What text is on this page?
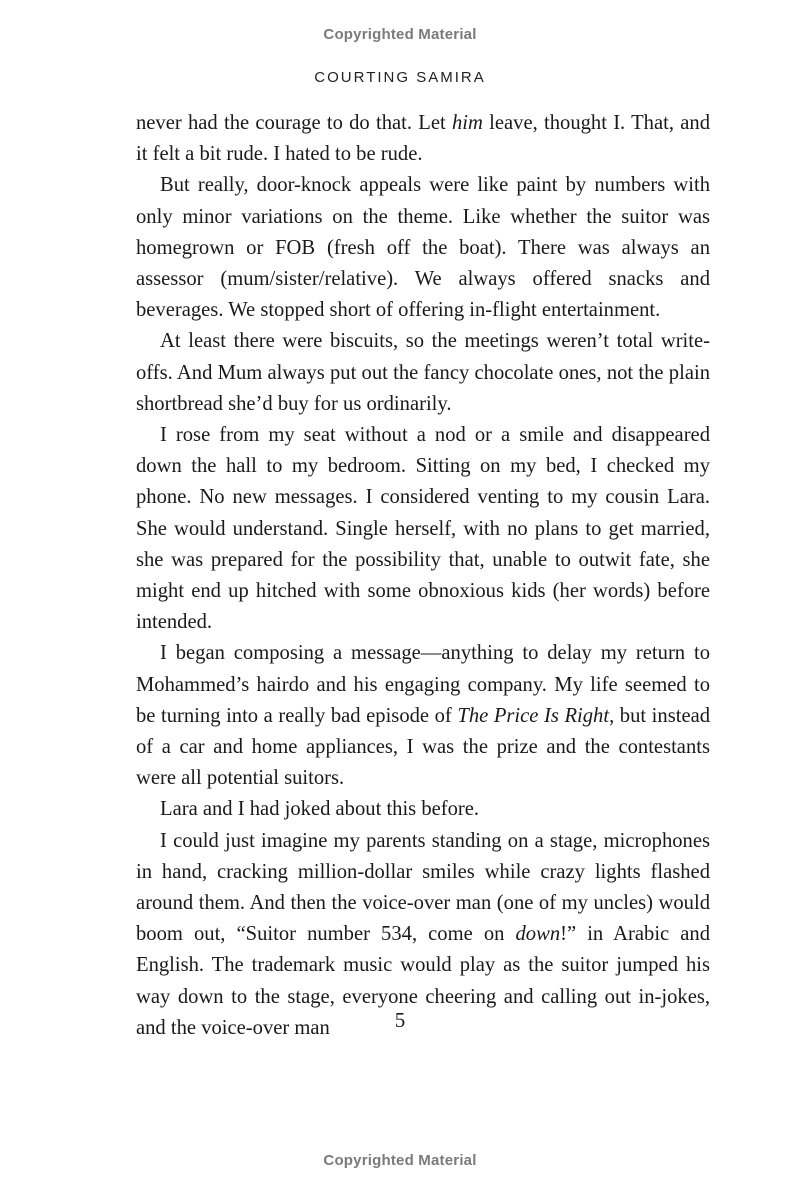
Copyrighted Material
COURTING SAMIRA

never had the courage to do that. Let him leave, thought I. That, and it felt a bit rude. I hated to be rude.

But really, door-knock appeals were like paint by numbers with only minor variations on the theme. Like whether the suitor was homegrown or FOB (fresh off the boat). There was always an assessor (mum/sister/relative). We always offered snacks and beverages. We stopped short of offering in-flight entertainment.

At least there were biscuits, so the meetings weren’t total write-offs. And Mum always put out the fancy chocolate ones, not the plain shortbread she’d buy for us ordinarily.

I rose from my seat without a nod or a smile and disappeared down the hall to my bedroom. Sitting on my bed, I checked my phone. No new messages. I considered venting to my cousin Lara. She would understand. Single herself, with no plans to get married, she was prepared for the possibility that, unable to outwit fate, she might end up hitched with some obnoxious kids (her words) before intended.

I began composing a message—anything to delay my return to Mohammed’s hairdo and his engaging company. My life seemed to be turning into a really bad episode of The Price Is Right, but instead of a car and home appliances, I was the prize and the contestants were all potential suitors.

Lara and I had joked about this before.

I could just imagine my parents standing on a stage, microphones in hand, cracking million-dollar smiles while crazy lights flashed around them. And then the voice-over man (one of my uncles) would boom out, “Suitor number 534, come on down!” in Arabic and English. The trademark music would play as the suitor jumped his way down to the stage, everyone cheering and calling out in-jokes, and the voice-over man	5
Copyrighted Material
